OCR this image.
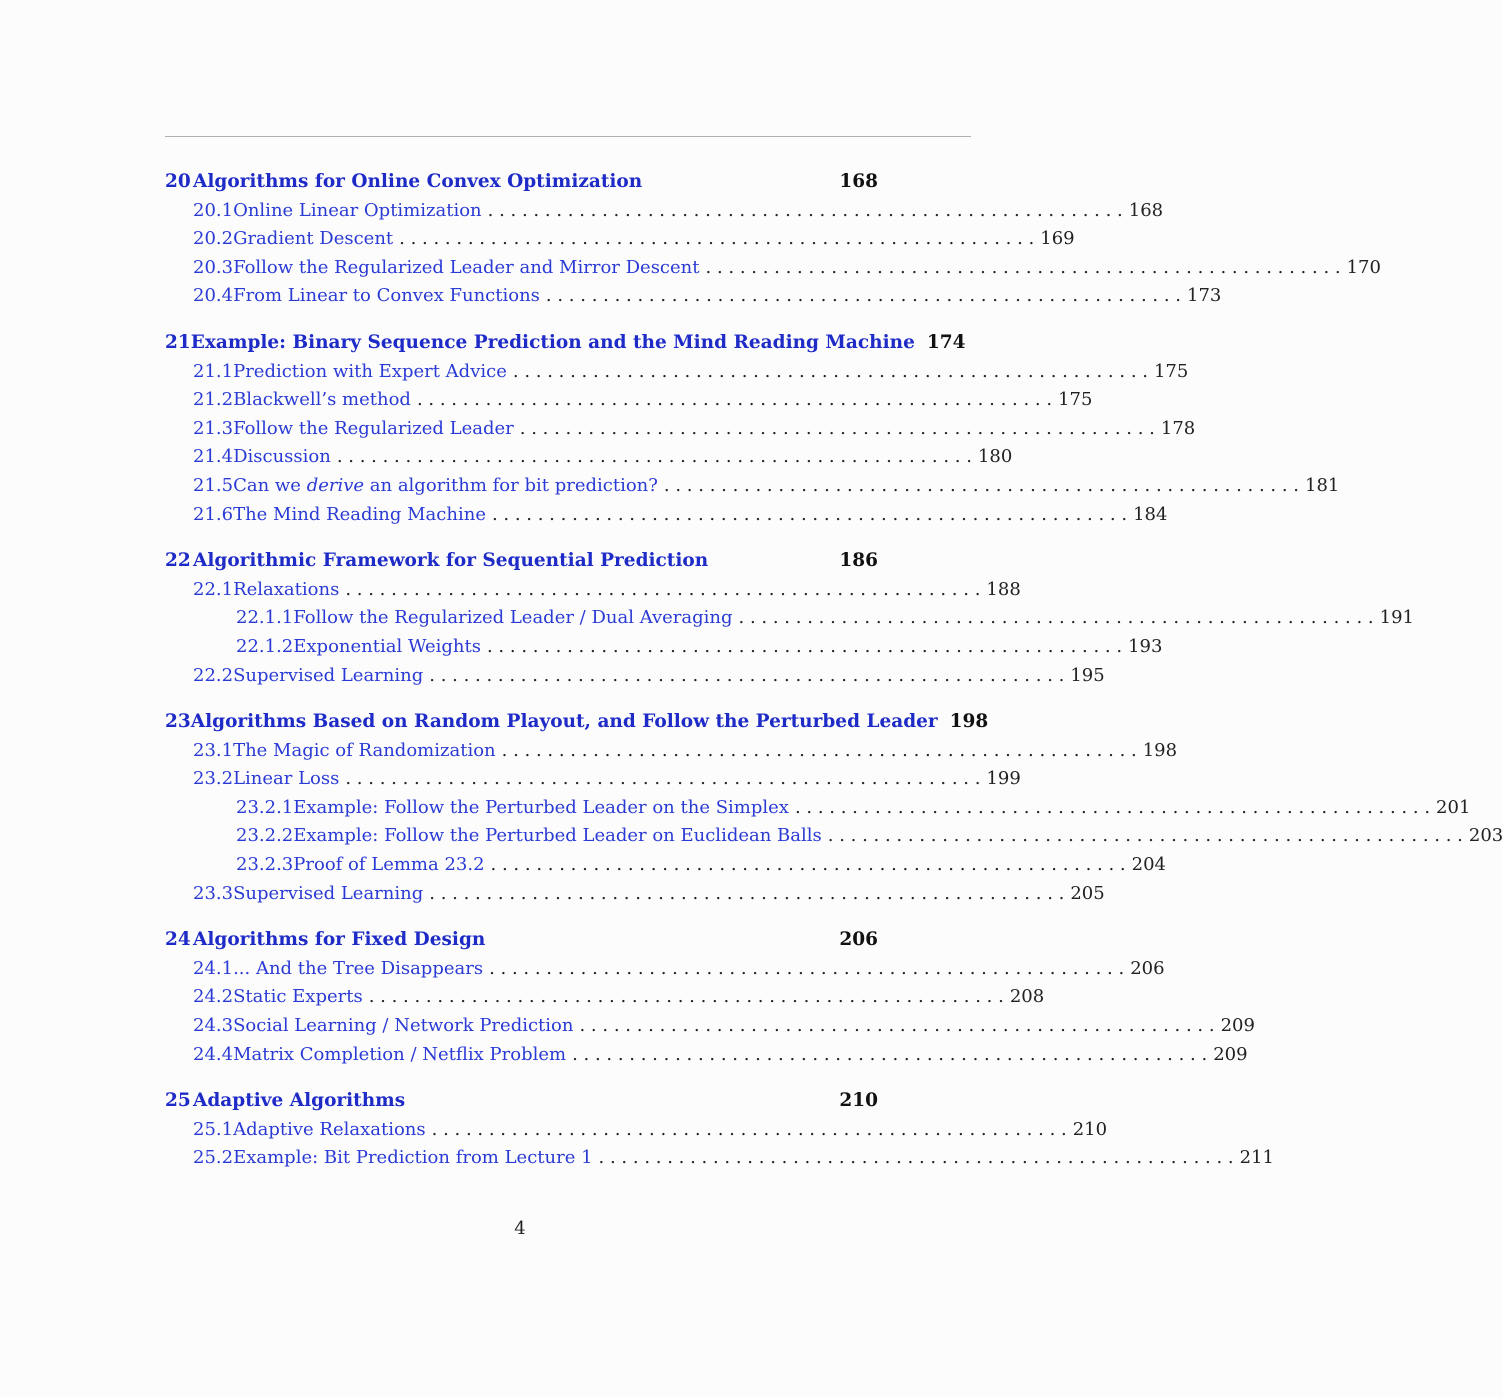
20 Algorithms for Online Convex Optimization	168
20.1 Online Linear Optimization . . . . . . . . . . . . . . . . . . . . . . . . . . . . . . . . . . . . . . . . . . . . . . . . . . . . . . . . 168
20.2 Gradient Descent . . . . . . . . . . . . . . . . . . . . . . . . . . . . . . . . . . . . . . . . . . . . . . . . . . . . . . . . 169
20.3 Follow the Regularized Leader and Mirror Descent . . . . . . . . . . . . . . . . . . . . . . . . . . . . . . . . . . . . . . . . . . . . . . . . . . . . . . . . 170
20.4 From Linear to Convex Functions . . . . . . . . . . . . . . . . . . . . . . . . . . . . . . . . . . . . . . . . . . . . . . . . . . . . . . . . 173
21 Example: Binary Sequence Prediction and the Mind Reading Machine 174
21.1 Prediction with Expert Advice . . . . . . . . . . . . . . . . . . . . . . . . . . . . . . . . . . . . . . . . . . . . . . . . . . . . . . . . 175
21.2 Blackwell’s method . . . . . . . . . . . . . . . . . . . . . . . . . . . . . . . . . . . . . . . . . . . . . . . . . . . . . . . . 175
21.3 Follow the Regularized Leader . . . . . . . . . . . . . . . . . . . . . . . . . . . . . . . . . . . . . . . . . . . . . . . . . . . . . . . . 178
21.4 Discussion . . . . . . . . . . . . . . . . . . . . . . . . . . . . . . . . . . . . . . . . . . . . . . . . . . . . . . . . 180
21.5 Can we derive an algorithm for bit prediction? . . . . . . . . . . . . . . . . . . . . . . . . . . . . . . . . . . . . . . . . . . . . . . . . . . . . . . . . 181
21.6 The Mind Reading Machine . . . . . . . . . . . . . . . . . . . . . . . . . . . . . . . . . . . . . . . . . . . . . . . . . . . . . . . . 184
22 Algorithmic Framework for Sequential Prediction	186
22.1 Relaxations . . . . . . . . . . . . . . . . . . . . . . . . . . . . . . . . . . . . . . . . . . . . . . . . . . . . . . . . 188
22.1.1 Follow the Regularized Leader / Dual Averaging . . . . . . . . . . . . . . . . . . . . . . . . . . . . . . . . . . . . . . . . . . . . . . . . . . . . . . . . 191
22.1.2 Exponential Weights . . . . . . . . . . . . . . . . . . . . . . . . . . . . . . . . . . . . . . . . . . . . . . . . . . . . . . . . 193
22.2 Supervised Learning . . . . . . . . . . . . . . . . . . . . . . . . . . . . . . . . . . . . . . . . . . . . . . . . . . . . . . . . 195
23 Algorithms Based on Random Playout, and Follow the Perturbed Leader 198
23.1 The Magic of Randomization . . . . . . . . . . . . . . . . . . . . . . . . . . . . . . . . . . . . . . . . . . . . . . . . . . . . . . . . 198
23.2 Linear Loss . . . . . . . . . . . . . . . . . . . . . . . . . . . . . . . . . . . . . . . . . . . . . . . . . . . . . . . . 199
23.2.1 Example: Follow the Perturbed Leader on the Simplex . . . . . . . . . . . . . . . . . . . . . . . . . . . . . . . . . . . . . . . . . . . . . . . . . . . . . . . . 201
23.2.2 Example: Follow the Perturbed Leader on Euclidean Balls . . . . . . . . . . . . . . . . . . . . . . . . . . . . . . . . . . . . . . . . . . . . . . . . . . . . . . . . 203
23.2.3 Proof of Lemma 23.2 . . . . . . . . . . . . . . . . . . . . . . . . . . . . . . . . . . . . . . . . . . . . . . . . . . . . . . . . 204
23.3 Supervised Learning . . . . . . . . . . . . . . . . . . . . . . . . . . . . . . . . . . . . . . . . . . . . . . . . . . . . . . . . 205
24 Algorithms for Fixed Design	206
24.1 ... And the Tree Disappears . . . . . . . . . . . . . . . . . . . . . . . . . . . . . . . . . . . . . . . . . . . . . . . . . . . . . . . . 206
24.2 Static Experts . . . . . . . . . . . . . . . . . . . . . . . . . . . . . . . . . . . . . . . . . . . . . . . . . . . . . . . . 208
24.3 Social Learning / Network Prediction . . . . . . . . . . . . . . . . . . . . . . . . . . . . . . . . . . . . . . . . . . . . . . . . . . . . . . . . 209
24.4 Matrix Completion / Netflix Problem . . . . . . . . . . . . . . . . . . . . . . . . . . . . . . . . . . . . . . . . . . . . . . . . . . . . . . . . 209
25 Adaptive Algorithms	210
25.1 Adaptive Relaxations . . . . . . . . . . . . . . . . . . . . . . . . . . . . . . . . . . . . . . . . . . . . . . . . . . . . . . . . 210
25.2 Example: Bit Prediction from Lecture 1 . . . . . . . . . . . . . . . . . . . . . . . . . . . . . . . . . . . . . . . . . . . . . . . . . . . . . . . . 211
4
